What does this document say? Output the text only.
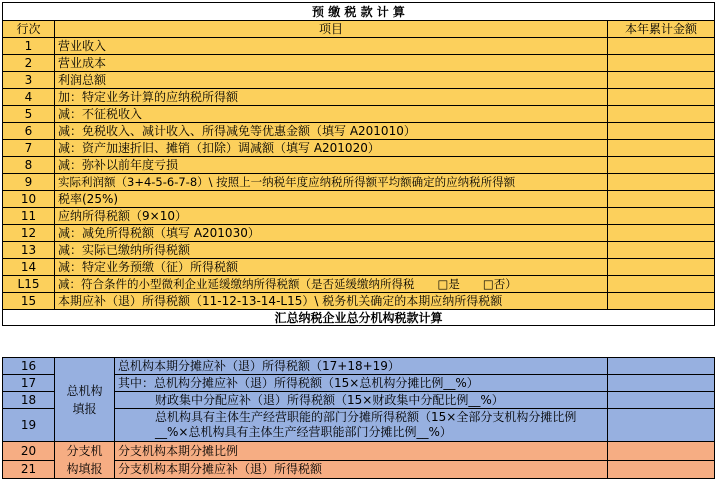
预 缴 税 款 计 算		
行次	项目	本年累计金额
1	营业收入	
2	营业成本	
3	利润总额	
4	加：特定业务计算的应纳税所得额	
5	减：不征税收入	
6	减：免税收入、减计收入、所得减免等优惠金额（填写 A201010）	
7	减：资产加速折旧、摊销（扣除）调减额（填写 A201020）	
8	减：弥补以前年度亏损	
9	实际利润额（3+4-5-6-7-8）\ 按照上一纳税年度应纳税所得额平均额确定的应纳税所得额	
10	税率(25%)	
11	应纳所得税额（9×10）	
12	减：减免所得税额（填写 A201030）	
13	减：实际已缴纳所得税额	
14	减：特定业务预缴（征）所得税额	
L15	减：符合条件的小型微利企业延缓缴纳所得税额（是否延缓缴纳所得税　　□是　　□否）	
15	本期应补（退）所得税额（11-12-13-14-L15）\ 税务机关确定的本期应纳所得税额	
汇总纳税企业总分机构税款计算		
16	总机构填报	总机构本期分摊应补（退）所得税额（17+18+19）	
17		其中：总机构分摊应补（退）所得税额（15×总机构分摊比例__%）	
18		财政集中分配应补（退）所得税额（15×财政集中分配比例__%）	
19		总机构具有主体生产经营职能的部门分摊所得税额（15×全部分支机构分摊比例__%×总机构具有主体生产经营职能部门分摊比例__%）	
20	分支机构填报	分支机构本期分摊比例	
21		分支机构本期分摊应补（退）所得税额	
